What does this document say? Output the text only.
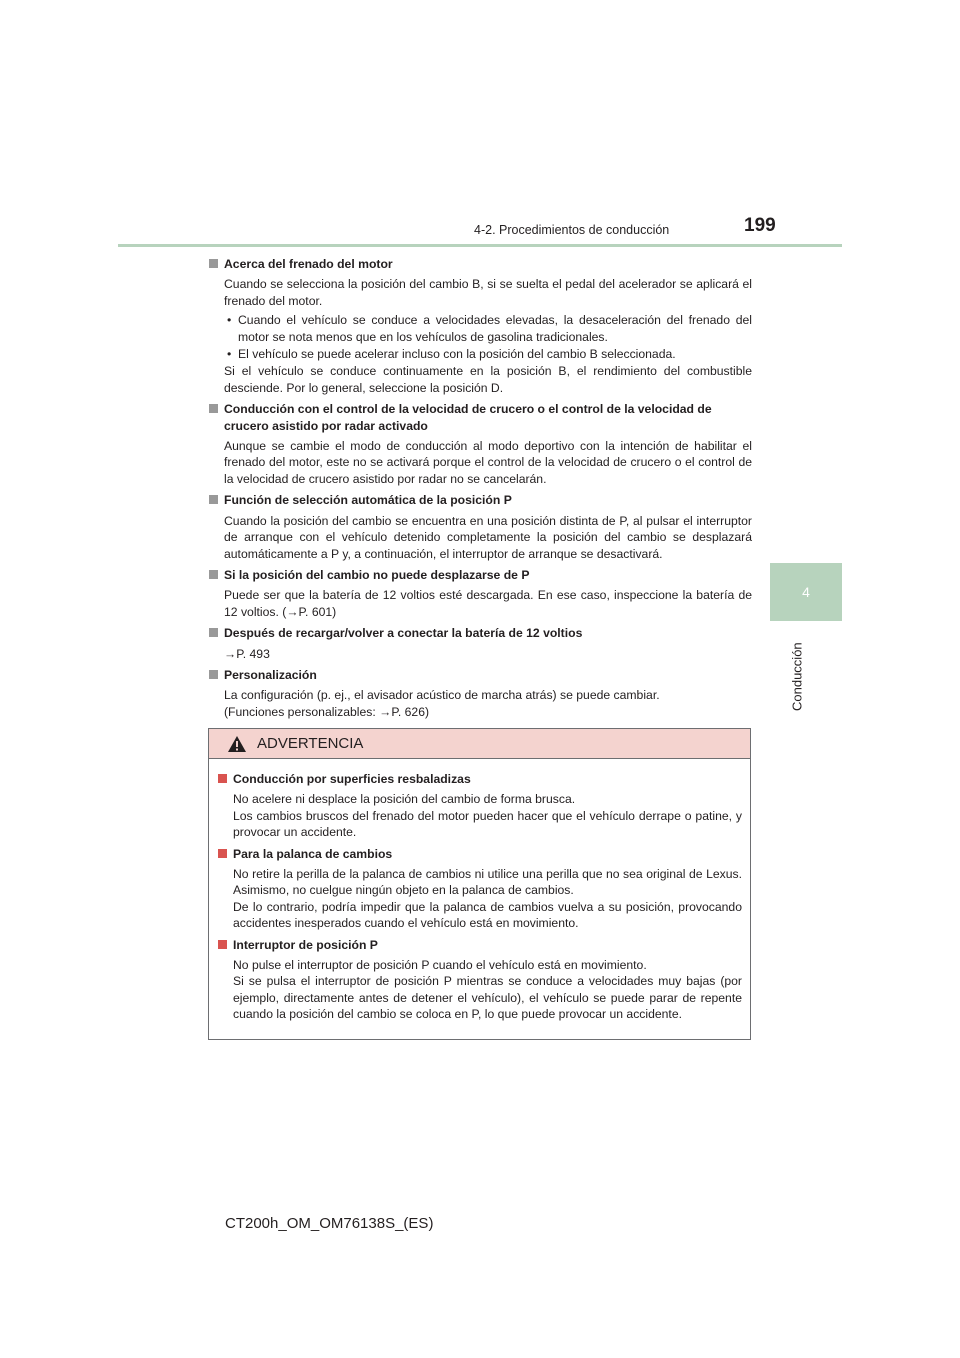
4-2. Procedimientos de conducción	199
4
Conducción
Acerca del frenado del motor

Cuando se selecciona la posición del cambio B, si se suelta el pedal del acelerador se aplicará el frenado del motor.

• Cuando el vehículo se conduce a velocidades elevadas, la desaceleración del frenado del motor se nota menos que en los vehículos de gasolina tradicionales.
• El vehículo se puede acelerar incluso con la posición del cambio B seleccionada.

Si el vehículo se conduce continuamente en la posición B, el rendimiento del combustible desciende. Por lo general, seleccione la posición D.

Conducción con el control de la velocidad de crucero o el control de la velocidad de crucero asistido por radar activado

Aunque se cambie el modo de conducción al modo deportivo con la intención de habilitar el frenado del motor, este no se activará porque el control de la velocidad de crucero o el control de la velocidad de crucero asistido por radar no se cancelarán.

Función de selección automática de la posición P

Cuando la posición del cambio se encuentra en una posición distinta de P, al pulsar el interruptor de arranque con el vehículo detenido completamente la posición del cambio se desplazará automáticamente a P y, a continuación, el interruptor de arranque se desactivará.

Si la posición del cambio no puede desplazarse de P

Puede ser que la batería de 12 voltios esté descargada. En ese caso, inspeccione la batería de 12 voltios. (→P. 601)

Después de recargar/volver a conectar la batería de 12 voltios

→P. 493

Personalización

La configuración (p. ej., el avisador acústico de marcha atrás) se puede cambiar.

(Funciones personalizables: →P. 626)

ADVERTENCIA
Conducción por superficies resbaladizas

No acelere ni desplace la posición del cambio de forma brusca.

Los cambios bruscos del frenado del motor pueden hacer que el vehículo derrape o patine, y provocar un accidente.

Para la palanca de cambios

No retire la perilla de la palanca de cambios ni utilice una perilla que no sea original de Lexus. Asimismo, no cuelgue ningún objeto en la palanca de cambios.

De lo contrario, podría impedir que la palanca de cambios vuelva a su posición, provocando accidentes inesperados cuando el vehículo está en movimiento.

Interruptor de posición P

No pulse el interruptor de posición P cuando el vehículo está en movimiento.

Si se pulsa el interruptor de posición P mientras se conduce a velocidades muy bajas (por ejemplo, directamente antes de detener el vehículo), el vehículo se puede parar de repente cuando la posición del cambio se coloca en P, lo que puede provocar un accidente.

CT200h_OM_OM76138S_(ES)
